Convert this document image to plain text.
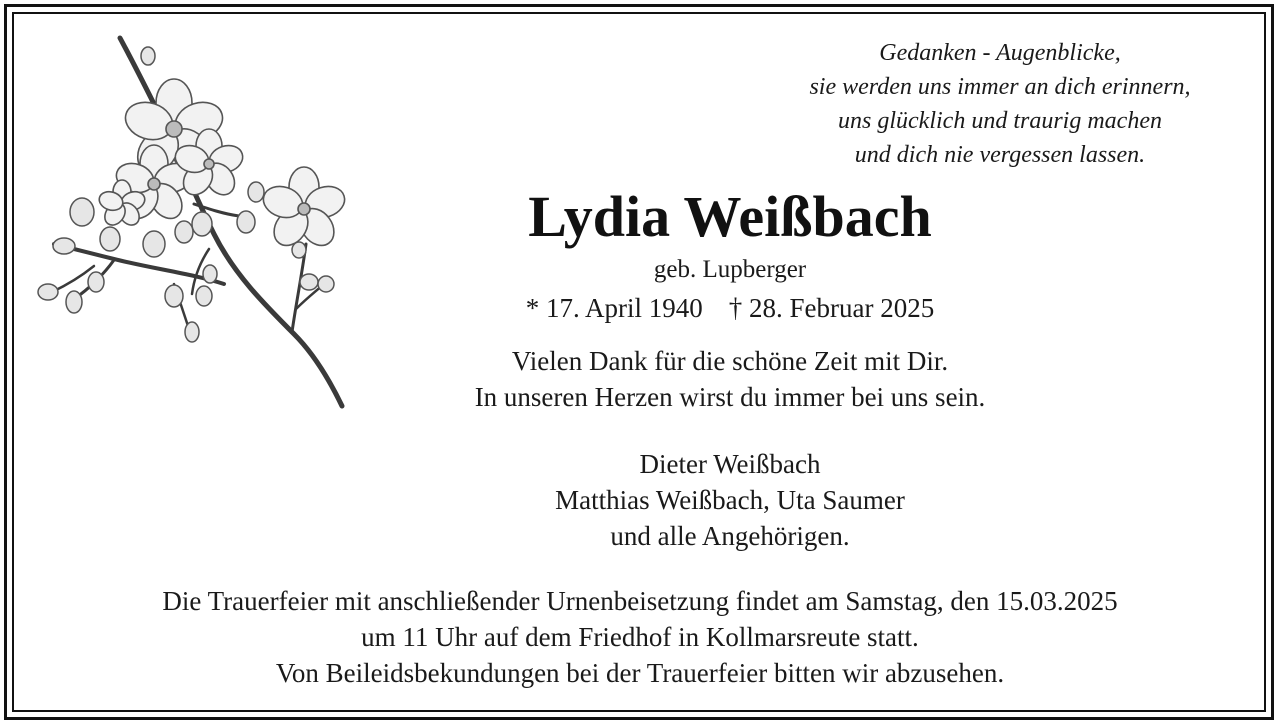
Gedanken - Augenblicke,
sie werden uns immer an dich erinnern,
uns glücklich und traurig machen
und dich nie vergessen lassen.
Lydia Weißbach
geb. Lupberger
* 17. April 1940 † 28. Februar 2025
Vielen Dank für die schöne Zeit mit Dir.
In unseren Herzen wirst du immer bei uns sein.
Dieter Weißbach
Matthias Weißbach, Uta Saumer
und alle Angehörigen.
Die Trauerfeier mit anschließender Urnenbeisetzung findet am Samstag, den 15.03.2025
um 11 Uhr auf dem Friedhof in Kollmarsreute statt.
Von Beileidsbekundungen bei der Trauerfeier bitten wir abzusehen.
